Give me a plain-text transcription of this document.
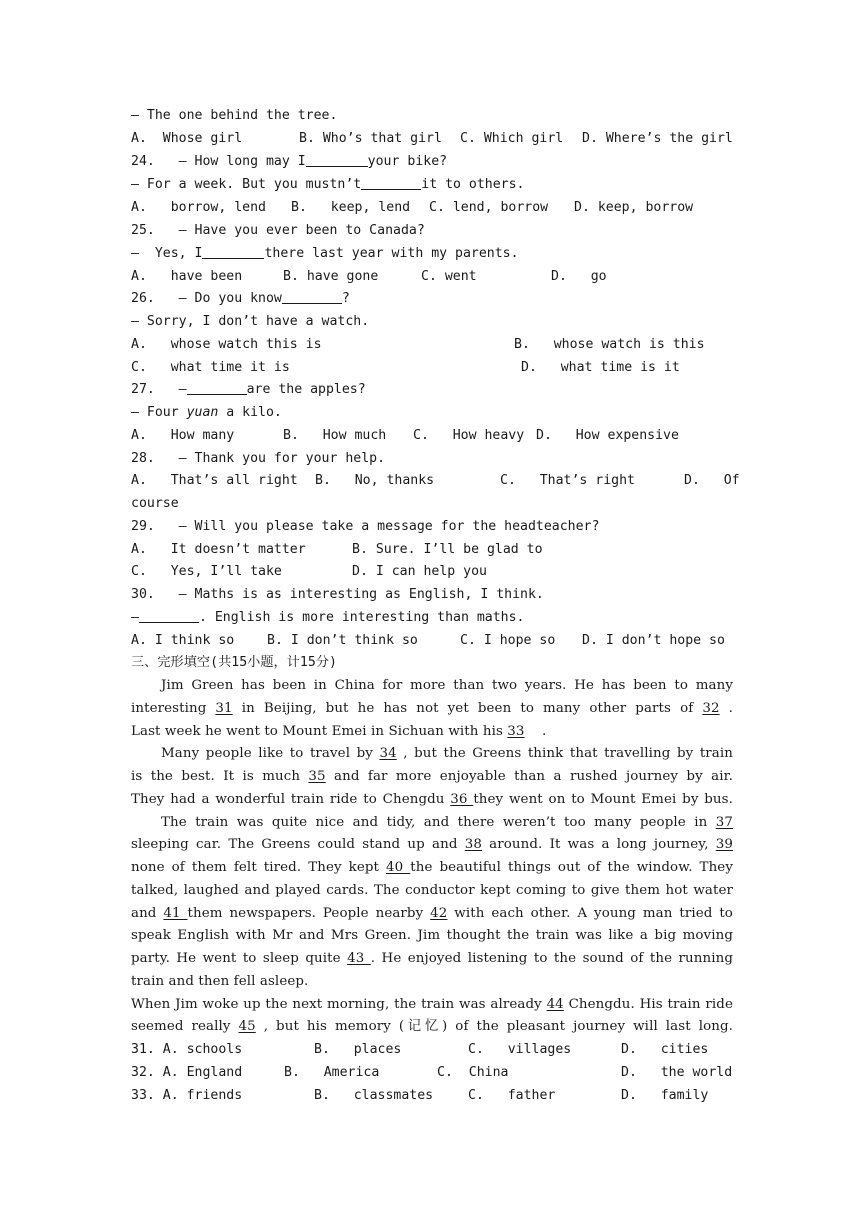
— The one behind the tree.

A.  Whose girl

	B. Who’s that girl

C. Which girl

D. Where’s the girl

24.   — How long may I	your bike?
— For a week. But you mustn’t	it to others.

A.   borrow, lend

B.   keep, lend

C. lend, borrow

D. keep, borrow

25.   — Have you ever been to Canada?
—  Yes, I	there last year with my parents.

A.   have been

	B. have gone

	C. went

	D.   go

26.   — Do you know	?
— Sorry, I don’t have a watch.

A.   whose watch this is

	B.   whose watch is this

C.   what time it is

	D.   what time is it

27.   —	are the apples?
— Four yuan a kilo.

A.   How many

	B.   How much

C.   How heavy

D.   How expensive

28.   — Thank you for your help.

A.   That’s all right

B.   No, thanks

	C.   That’s right

	D.   Of

course
29.   — Will you please take a message for the headteacher?

A.   It doesn’t matter

	B. Sure. I’ll be glad to

C.   Yes, I’ll take

	D. I can help you

30.   — Maths is as interesting as English, I think.
—	. English is more interesting than maths.

A. I think so

B. I don’t think so

	C. I hope so

D. I don’t hope so

三、完形填空(共15小题，计15分)
Jim Green has been in China for more than two years. He has been to many
interesting 31 in Beijing, but he has not yet been to many other parts of 32 .
Last week he went to Mount Emei in Sichuan with his 33    .
Many people like to travel by 34 , but the Greens think that travelling by train
is the best. It is much 35 and far more enjoyable than a rushed journey by air.
They had a wonderful train ride to Chengdu 36 they went on to Mount Emei by bus.
The train was quite nice and tidy, and there weren’t too many people in 37
sleeping car. The Greens could stand up and 38 around. It was a long journey, 39
none of them felt tired. They kept 40 the beautiful things out of the window. They
talked, laughed and played cards. The conductor kept coming to give them hot water
and 41 them newspapers. People nearby 42 with each other. A young man tried to
speak English with Mr and Mrs Green. Jim thought the train was like a big moving
party. He went to sleep quite 43 . He enjoyed listening to the sound of the running
train and then fell asleep.
When Jim woke up the next morning, the train was already 44 Chengdu. His train ride
seemed really 45 , but his memory (记忆) of the pleasant journey will last long.

31. A. schools

	B.   places

	C.   villages

	D.   cities

32. A. England

	B.   America

	C.  China

	D.   the world

33. A. friends

	B.   classmates

	C.   father

	D.   family
